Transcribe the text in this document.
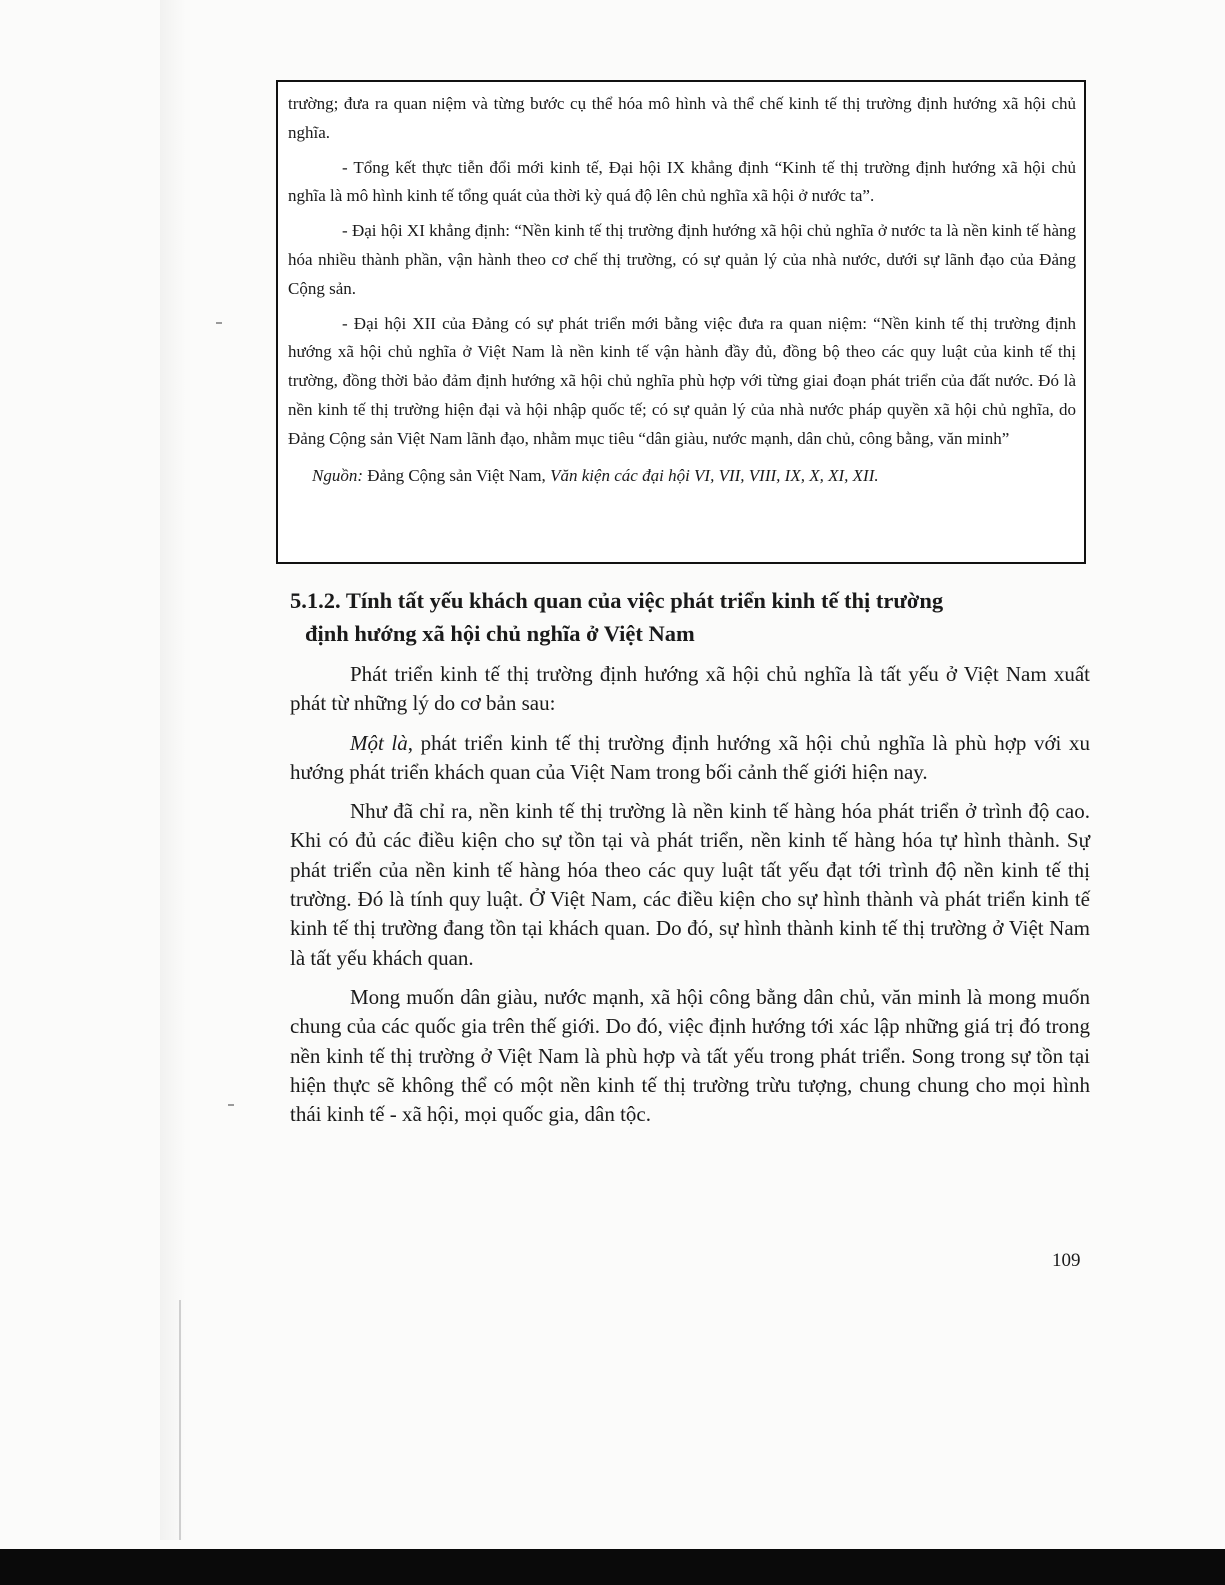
trường; đưa ra quan niệm và từng bước cụ thể hóa mô hình và thể chế kinh tế thị trường định hướng xã hội chủ nghĩa.

- Tổng kết thực tiễn đổi mới kinh tế, Đại hội IX khẳng định “Kinh tế thị trường định hướng xã hội chủ nghĩa là mô hình kinh tế tổng quát của thời kỳ quá độ lên chủ nghĩa xã hội ở nước ta”.

- Đại hội XI khẳng định: “Nền kinh tế thị trường định hướng xã hội chủ nghĩa ở nước ta là nền kinh tế hàng hóa nhiều thành phần, vận hành theo cơ chế thị trường, có sự quản lý của nhà nước, dưới sự lãnh đạo của Đảng Cộng sản.

- Đại hội XII của Đảng có sự phát triển mới bằng việc đưa ra quan niệm: “Nền kinh tế thị trường định hướng xã hội chủ nghĩa ở Việt Nam là nền kinh tế vận hành đầy đủ, đồng bộ theo các quy luật của kinh tế thị trường, đồng thời bảo đảm định hướng xã hội chủ nghĩa phù hợp với từng giai đoạn phát triển của đất nước. Đó là nền kinh tế thị trường hiện đại và hội nhập quốc tế; có sự quản lý của nhà nước pháp quyền xã hội chủ nghĩa, do Đảng Cộng sản Việt Nam lãnh đạo, nhằm mục tiêu “dân giàu, nước mạnh, dân chủ, công bằng, văn minh”

Nguồn: Đảng Cộng sản Việt Nam, Văn kiện các đại hội VI, VII, VIII, IX, X, XI, XII.

5.1.2. Tính tất yếu khách quan của việc phát triển kinh tế thị trường
định hướng xã hội chủ nghĩa ở Việt Nam

Phát triển kinh tế thị trường định hướng xã hội chủ nghĩa là tất yếu ở Việt Nam xuất phát từ những lý do cơ bản sau:

Một là, phát triển kinh tế thị trường định hướng xã hội chủ nghĩa là phù hợp với xu hướng phát triển khách quan của Việt Nam trong bối cảnh thế giới hiện nay.

Như đã chỉ ra, nền kinh tế thị trường là nền kinh tế hàng hóa phát triển ở trình độ cao. Khi có đủ các điều kiện cho sự tồn tại và phát triển, nền kinh tế hàng hóa tự hình thành. Sự phát triển của nền kinh tế hàng hóa theo các quy luật tất yếu đạt tới trình độ nền kinh tế thị trường. Đó là tính quy luật. Ở Việt Nam, các điều kiện cho sự hình thành và phát triển kinh tế kinh tế thị trường đang tồn tại khách quan. Do đó, sự hình thành kinh tế thị trường ở Việt Nam là tất yếu khách quan.

Mong muốn dân giàu, nước mạnh, xã hội công bằng dân chủ, văn minh là mong muốn chung của các quốc gia trên thế giới. Do đó, việc định hướng tới xác lập những giá trị đó trong nền kinh tế thị trường ở Việt Nam là phù hợp và tất yếu trong phát triển. Song trong sự tồn tại hiện thực sẽ không thể có một nền kinh tế thị trường trừu tượng, chung chung cho mọi hình thái kinh tế - xã hội, mọi quốc gia, dân tộc.

109
